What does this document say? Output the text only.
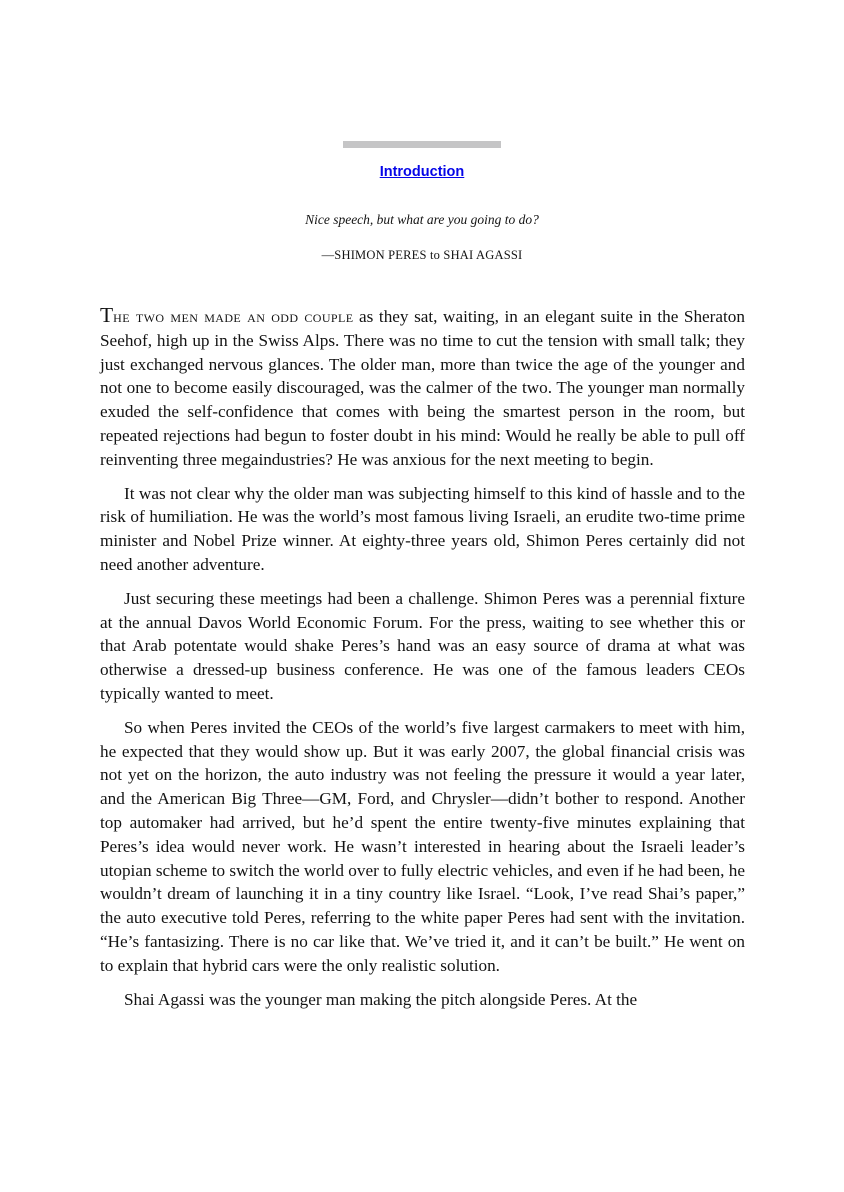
Introduction
Nice speech, but what are you going to do?
—SHIMON PERES to SHAI AGASSI

The two men made an odd couple as they sat, waiting, in an elegant suite in the Sheraton Seehof, high up in the Swiss Alps. There was no time to cut the tension with small talk; they just exchanged nervous glances. The older man, more than twice the age of the younger and not one to become easily discouraged, was the calmer of the two. The younger man normally exuded the self-confidence that comes with being the smartest person in the room, but repeated rejections had begun to foster doubt in his mind: Would he really be able to pull off reinventing three megaindustries? He was anxious for the next meeting to begin.

It was not clear why the older man was subjecting himself to this kind of hassle and to the risk of humiliation. He was the world’s most famous living Israeli, an erudite two-time prime minister and Nobel Prize winner. At eighty-three years old, Shimon Peres certainly did not need another adventure.

Just securing these meetings had been a challenge. Shimon Peres was a perennial fixture at the annual Davos World Economic Forum. For the press, waiting to see whether this or that Arab potentate would shake Peres’s hand was an easy source of drama at what was otherwise a dressed-up business conference. He was one of the famous leaders CEOs typically wanted to meet.

So when Peres invited the CEOs of the world’s five largest carmakers to meet with him, he expected that they would show up. But it was early 2007, the global financial crisis was not yet on the horizon, the auto industry was not feeling the pressure it would a year later, and the American Big Three—GM, Ford, and Chrysler—didn’t bother to respond. Another top automaker had arrived, but he’d spent the entire twenty-five minutes explaining that Peres’s idea would never work. He wasn’t interested in hearing about the Israeli leader’s utopian scheme to switch the world over to fully electric vehicles, and even if he had been, he wouldn’t dream of launching it in a tiny country like Israel. “Look, I’ve read Shai’s paper,” the auto executive told Peres, referring to the white paper Peres had sent with the invitation. “He’s fantasizing. There is no car like that. We’ve tried it, and it can’t be built.” He went on to explain that hybrid cars were the only realistic solution.

Shai Agassi was the younger man making the pitch alongside Peres. At the
